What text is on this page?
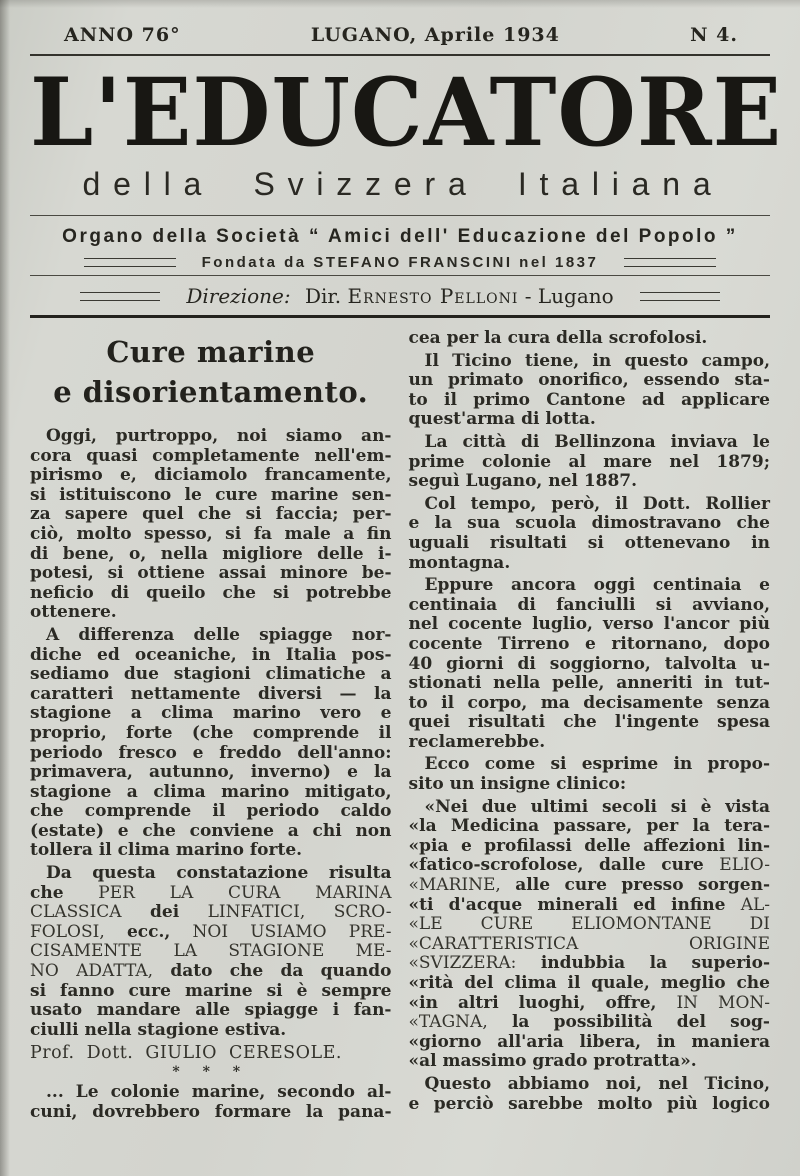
ANNO 76°	LUGANO, Aprile 1934	N 4.
L'EDUCATORE
della Svizzera Italiana
Organo della Società “ Amici dell' Educazione del Popolo ”
Fondata da STEFANO FRANSCINI nel 1837
Direzione: Dir. Ernesto Pelloni - Lugano
Cure marine
e disorientamento.
Oggi, purtroppo, noi siamo an-
cora quasi completamente nell'em-
pirismo e, diciamolo francamente,
si istituiscono le cure marine sen-
za sapere quel che si faccia; per-
ciò, molto spesso, si fa male a fin
di bene, o, nella migliore delle i-
potesi, si ottiene assai minore be-
neficio di queilo che si potrebbe
ottenere.
A differenza delle spiagge nor-
diche ed oceaniche, in Italia pos-
sediamo due stagioni climatiche a
caratteri nettamente diversi — la
stagione a clima marino vero e
proprio, forte (che comprende il
periodo fresco e freddo dell'anno:
primavera, autunno, inverno) e la
stagione a clima marino mitigato,
che comprende il periodo caldo
(estate) e che conviene a chi non
tollera il clima marino forte.
Da questa constatazione risulta
che PER LA CURA MARINA
CLASSICA dei LINFATICI, SCRO-
FOLOSI, ecc., NOI USIAMO PRE-
CISAMENTE LA STAGIONE ME-
NO ADATTA, dato che da quando
si fanno cure marine si è sempre
usato mandare alle spiagge i fan-
ciulli nella stagione estiva.
Prof. Dott. GIULIO CERESOLE.
* * *
... Le colonie marine, secondo al-
cuni, dovrebbero formare la pana-
cea per la cura della scrofolosi.
Il Ticino tiene, in questo campo,
un primato onorifico, essendo sta-
to il primo Cantone ad applicare
quest'arma di lotta.
La città di Bellinzona inviava le
prime colonie al mare nel 1879;
seguì Lugano, nel 1887.
Col tempo, però, il Dott. Rollier
e la sua scuola dimostravano che
uguali risultati si ottenevano in
montagna.
Eppure ancora oggi centinaia e
centinaia di fanciulli si avviano,
nel cocente luglio, verso l'ancor più
cocente Tirreno e ritornano, dopo
40 giorni di soggiorno, talvolta u-
stionati nella pelle, anneriti in tut-
to il corpo, ma decisamente senza
quei risultati che l'ingente spesa
reclamerebbe.
Ecco come si esprime in propo-
sito un insigne clinico:
«Nei due ultimi secoli si è vista
«la Medicina passare, per la tera-
«pia e profilassi delle affezioni lin-
«fatico-scrofolose, dalle cure ELIO-
«MARINE, alle cure presso sorgen-
«ti d'acque minerali ed infine AL-
«LE CURE ELIOMONTANE DI
«CARATTERISTICA	ORIGINE
«SVIZZERA: indubbia la superio-
«rità del clima il quale, meglio che
«in altri luoghi, offre, IN MON-
«TAGNA, la possibilità del sog-
«giorno all'aria libera, in maniera
«al massimo grado protratta».
Questo abbiamo noi, nel Ticino,
e perciò sarebbe molto più logico
